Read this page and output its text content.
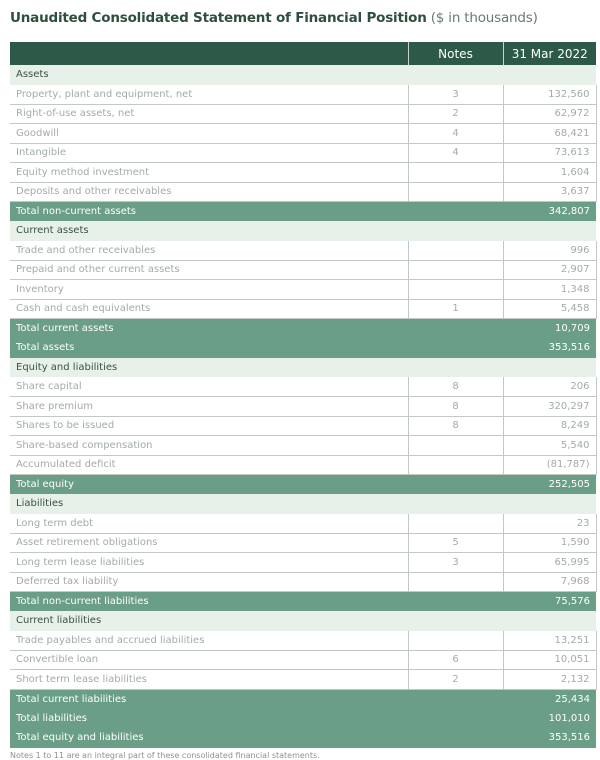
Unaudited Consolidated Statement of Financial Position ($ in thousands)
	Notes	31 Mar 2022
Assets		
Property, plant and equipment, net	3	132,560
Right-of-use assets, net	2	62,972
Goodwill	4	68,421
Intangible	4	73,613
Equity method investment		1,604
Deposits and other receivables		3,637
Total non-current assets		342,807
Current assets		
Trade and other receivables		996
Prepaid and other current assets		2,907
Inventory		1,348
Cash and cash equivalents	1	5,458
Total current assets		10,709
Total assets		353,516
Equity and liabilities		
Share capital	8	206
Share premium	8	320,297
Shares to be issued	8	8,249
Share-based compensation		5,540
Accumulated deficit		(81,787)
Total equity		252,505
Liabilities		
Long term debt		23
Asset retirement obligations	5	1,590
Long term lease liabilities	3	65,995
Deferred tax liability		7,968
Total non-current liabilities		75,576
Current liabilities		
Trade payables and accrued liabilities		13,251
Convertible loan	6	10,051
Short term lease liabilities	2	2,132
Total current liabilities		25,434
Total liabilities		101,010
Total equity and liabilities		353,516
Notes 1 to 11 are an integral part of these consolidated financial statements.
